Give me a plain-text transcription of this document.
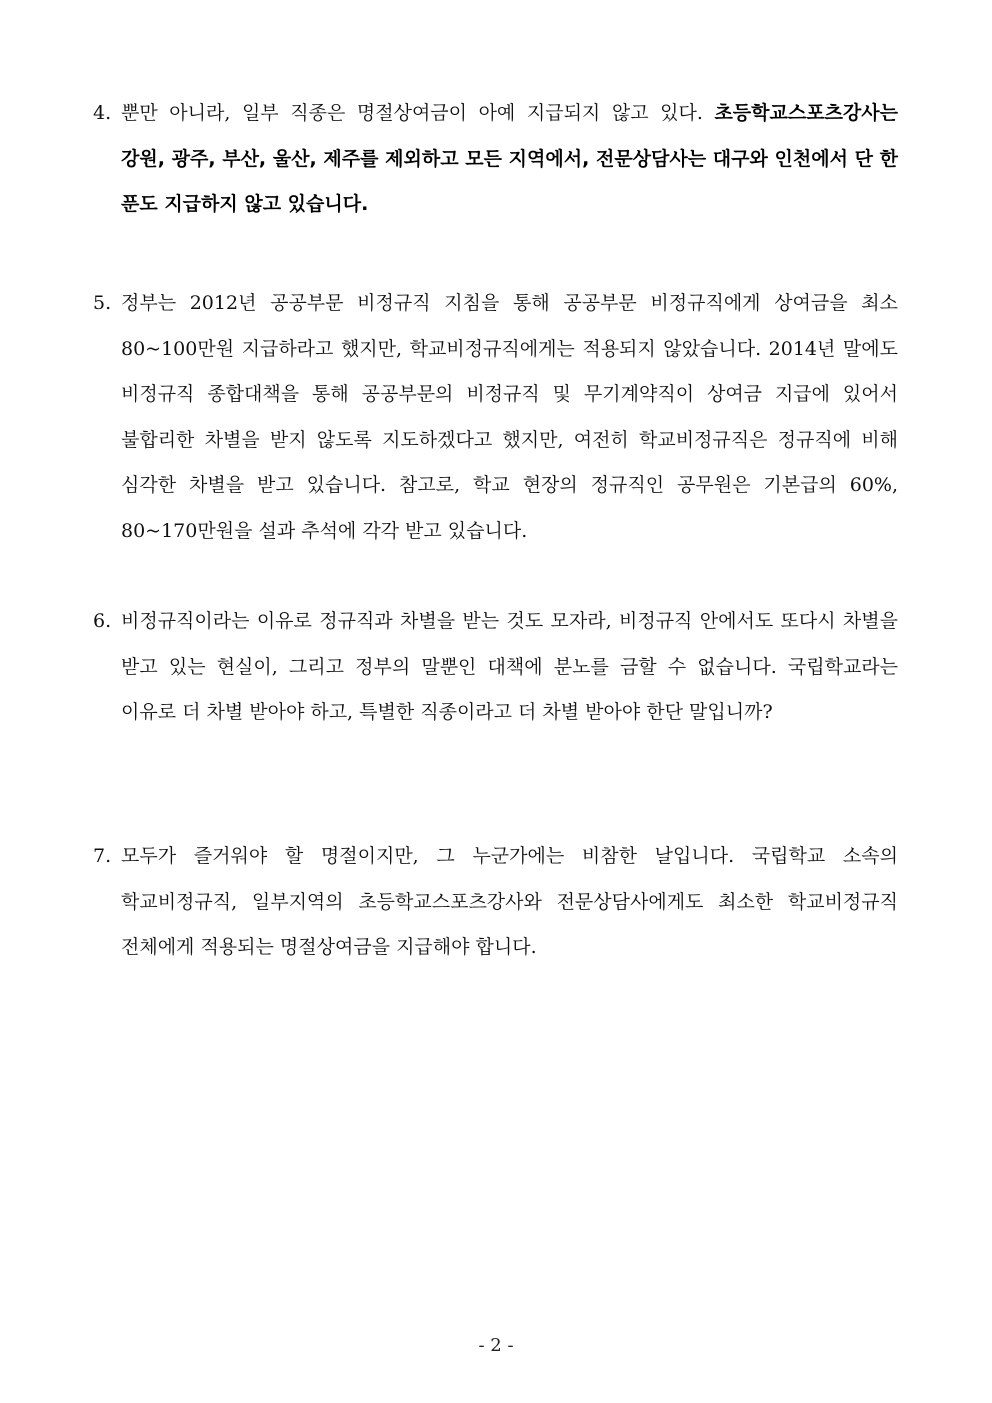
4. 뿐만 아니라, 일부 직종은 명절상여금이 아예 지급되지 않고 있다. 초등학교스포츠강사는 강원, 광주, 부산, 울산, 제주를 제외하고 모든 지역에서, 전문상담사는 대구와 인천에서 단 한 푼도 지급하지 않고 있습니다.
5. 정부는 2012년 공공부문 비정규직 지침을 통해 공공부문 비정규직에게 상여금을 최소 80~100만원 지급하라고 했지만, 학교비정규직에게는 적용되지 않았습니다. 2014년 말에도 비정규직 종합대책을 통해 공공부문의 비정규직 및 무기계약직이 상여금 지급에 있어서 불합리한 차별을 받지 않도록 지도하겠다고 했지만, 여전히 학교비정규직은 정규직에 비해 심각한 차별을 받고 있습니다. 참고로, 학교 현장의 정규직인 공무원은 기본급의 60%, 80~170만원을 설과 추석에 각각 받고 있습니다.
6. 비정규직이라는 이유로 정규직과 차별을 받는 것도 모자라, 비정규직 안에서도 또다시 차별을 받고 있는 현실이, 그리고 정부의 말뿐인 대책에 분노를 금할 수 없습니다. 국립학교라는 이유로 더 차별 받아야 하고, 특별한 직종이라고 더 차별 받아야 한단 말입니까?
7. 모두가 즐거워야 할 명절이지만, 그 누군가에는 비참한 날입니다. 국립학교 소속의 학교비정규직, 일부지역의 초등학교스포츠강사와 전문상담사에게도 최소한 학교비정규직 전체에게 적용되는 명절상여금을 지급해야 합니다.
- 2 -
